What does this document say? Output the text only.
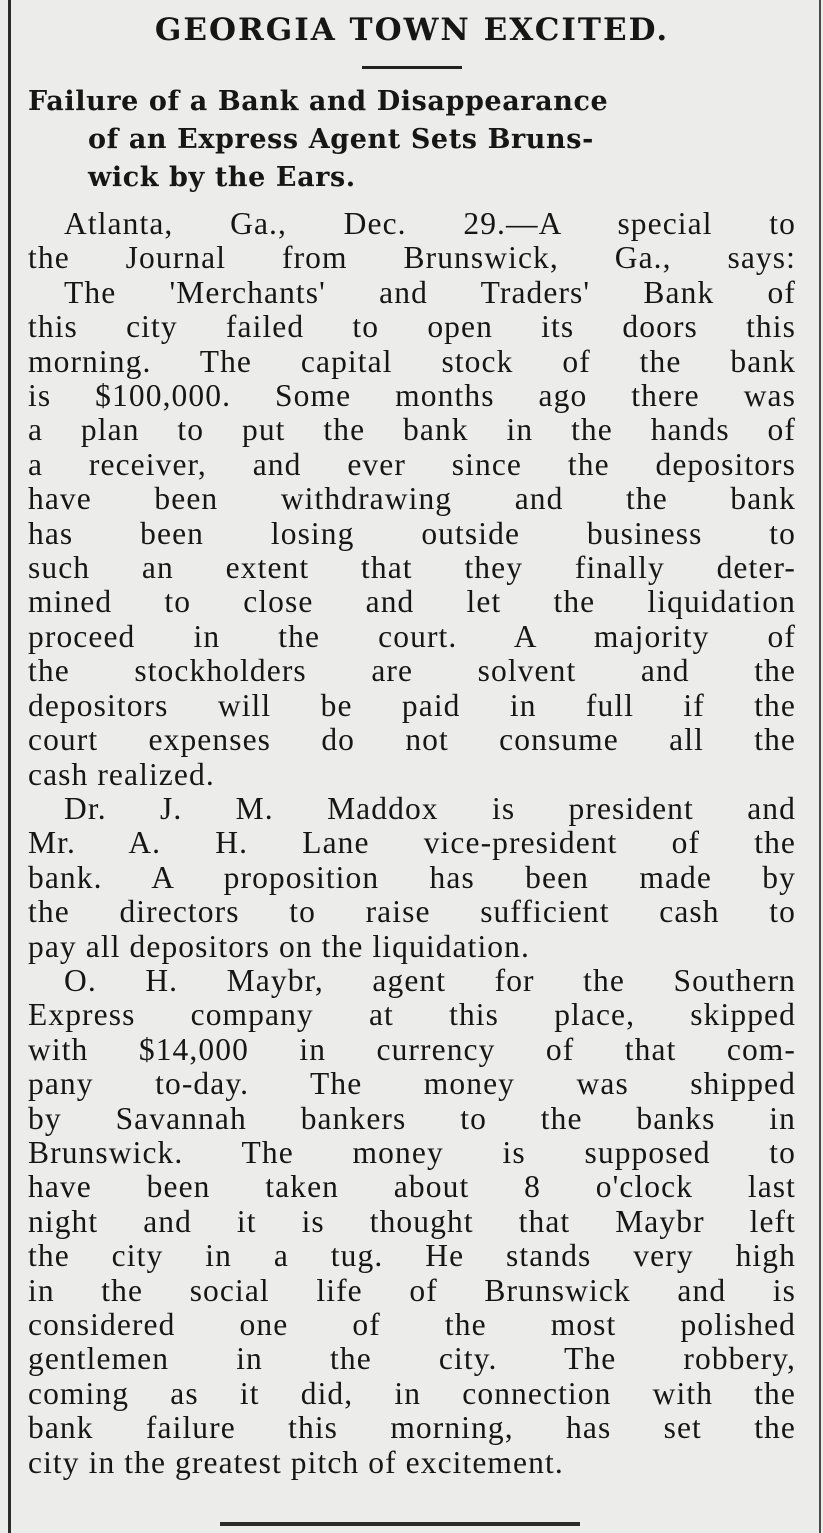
GEORGIA TOWN EXCITED.
Failure of a Bank and Disappearance
of an Express Agent Sets Bruns-
wick by the Ears.
Atlanta, Ga., Dec. 29.—A special to
the Journal from Brunswick, Ga., says:
The 'Merchants' and Traders' Bank of
this city failed to open its doors this
morning. The capital stock of the bank
is $100,000. Some months ago there was
a plan to put the bank in the hands of
a receiver, and ever since the depositors
have been withdrawing and the bank
has been losing outside business to
such an extent that they finally deter-
mined to close and let the liquidation
proceed in the court. A majority of
the stockholders are solvent and the
depositors will be paid in full if the
court expenses do not consume all the
cash realized.
Dr. J. M. Maddox is president and
Mr. A. H. Lane vice-president of the
bank. A proposition has been made by
the directors to raise sufficient cash to
pay all depositors on the liquidation.
O. H. Maybr, agent for the Southern
Express company at this place, skipped
with $14,000 in currency of that com-
pany to-day. The money was shipped
by Savannah bankers to the banks in
Brunswick. The money is supposed to
have been taken about 8 o'clock last
night and it is thought that Maybr left
the city in a tug. He stands very high
in the social life of Brunswick and is
considered one of the most polished
gentlemen in the city. The robbery,
coming as it did, in connection with the
bank failure this morning, has set the
city in the greatest pitch of excitement.
